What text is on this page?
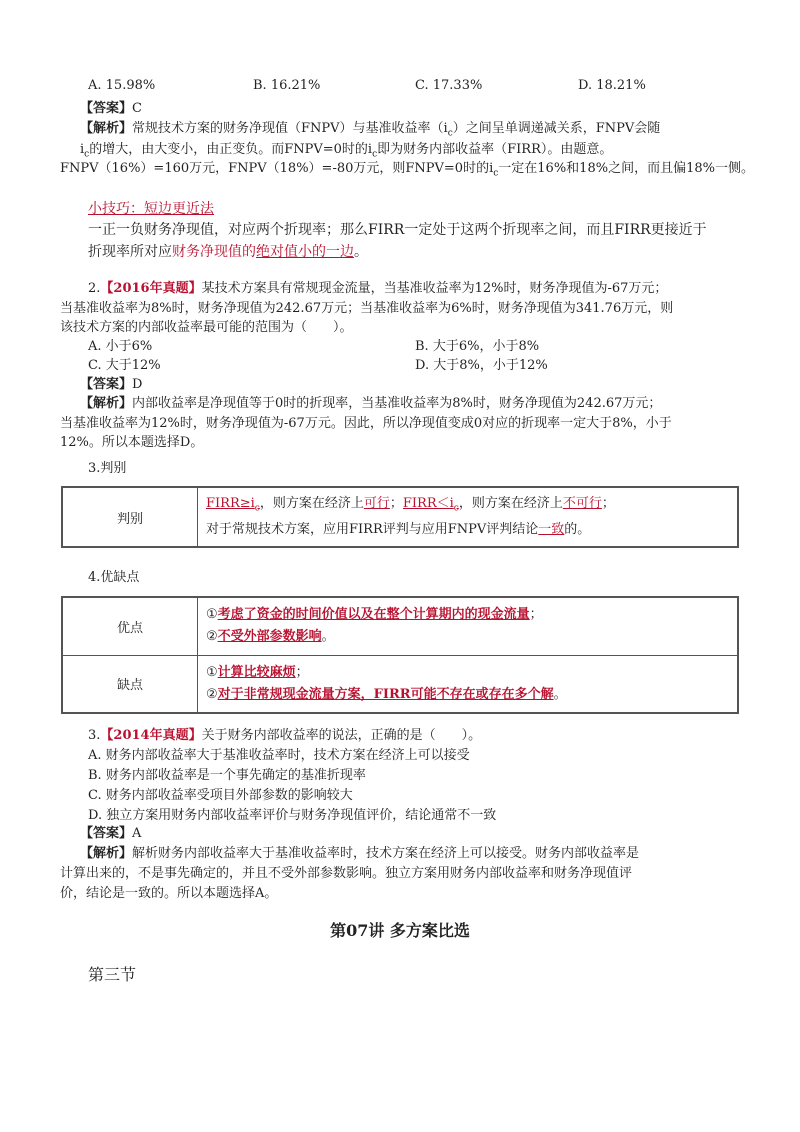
A. 15.98%	B. 16.21%	C. 17.33%	D. 18.21%
【答案】C
【解析】常规技术方案的财务净现值（FNPV）与基准收益率$(i_c)$之间呈单调递减关系，FNPV会随
$i_c$的增大，由大变小，由正变负。而FNPV=0时的$i_c$即为财务内部收益率（FIRR）。由题意。
FNPV（16%）=160万元，FNPV（18%）=-80万元，则FNPV=0时的$i_c$一定在16%和18%之间，而且偏18%一侧。
小技巧：短边更近法
一正一负财务净现值，对应两个折现率；那么FIRR一定处于这两个折现率之间，而且FIRR更接近于
折现率所对应财务净现值的绝对值小的一边。
2.【2016年真题】某技术方案具有常规现金流量，当基准收益率为12%时，财务净现值为-67万元；
当基准收益率为8%时，财务净现值为242.67万元；当基准收益率为6%时，财务净现值为341.76万元，则
该技术方案的内部收益率最可能的范围为（　　）。
A. 小于6%	B. 大于6%，小于8%
C. 大于12%	D. 大于8%，小于12%
【答案】D
【解析】内部收益率是净现值等于0时的折现率，当基准收益率为8%时，财务净现值为242.67万元；
当基准收益率为12%时，财务净现值为-67万元。因此，所以净现值变成0对应的折现率一定大于8%，小于
12%。所以本题选择D。
3.判别
判别	
$FIRR\ge i_c$，则方案在经济上可行；$FIRR<i_c$，则方案在经济上不可行；
对于常规技术方案，应用FIRR评判与应用FNPV评判结论一致的。
4.优缺点
优点	①考虑了资金的时间价值以及在整个计算期内的现金流量；
②不受外部参数影响。

缺点	①计算比较麻烦；
②对于非常规现金流量方案，FIRR可能不存在或存在多个解。
3.【2014年真题】关于财务内部收益率的说法，正确的是（　　）。
A. 财务内部收益率大于基准收益率时，技术方案在经济上可以接受
B. 财务内部收益率是一个事先确定的基准折现率
C. 财务内部收益率受项目外部参数的影响较大
D. 独立方案用财务内部收益率评价与财务净现值评价，结论通常不一致
【答案】A
【解析】解析财务内部收益率大于基准收益率时，技术方案在经济上可以接受。财务内部收益率是
计算出来的，不是事先确定的，并且不受外部参数影响。独立方案用财务内部收益率和财务净现值评
价，结论是一致的。所以本题选择A。
第07讲 多方案比选
第三节
